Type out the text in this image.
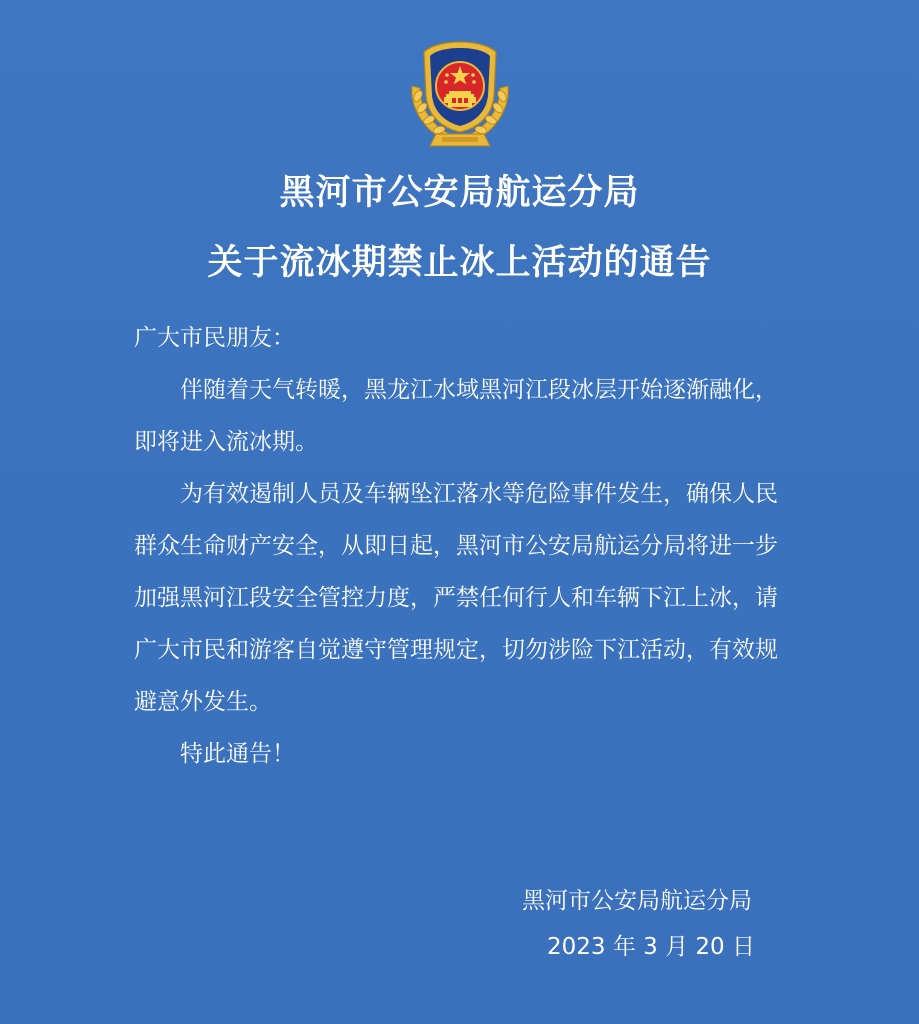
黑河市公安局航运分局
关于流冰期禁止冰上活动的通告

广大市民朋友：

伴随着天气转暖，黑龙江水域黑河江段冰层开始逐渐融化，即将进入流冰期。

为有效遏制人员及车辆坠江落水等危险事件发生，确保人民群众生命财产安全，从即日起，黑河市公安局航运分局将进一步加强黑河江段安全管控力度，严禁任何行人和车辆下江上冰，请广大市民和游客自觉遵守管理规定，切勿涉险下江活动，有效规避意外发生。

特此通告！

黑河市公安局航运分局
2023 年 3 月 20 日
